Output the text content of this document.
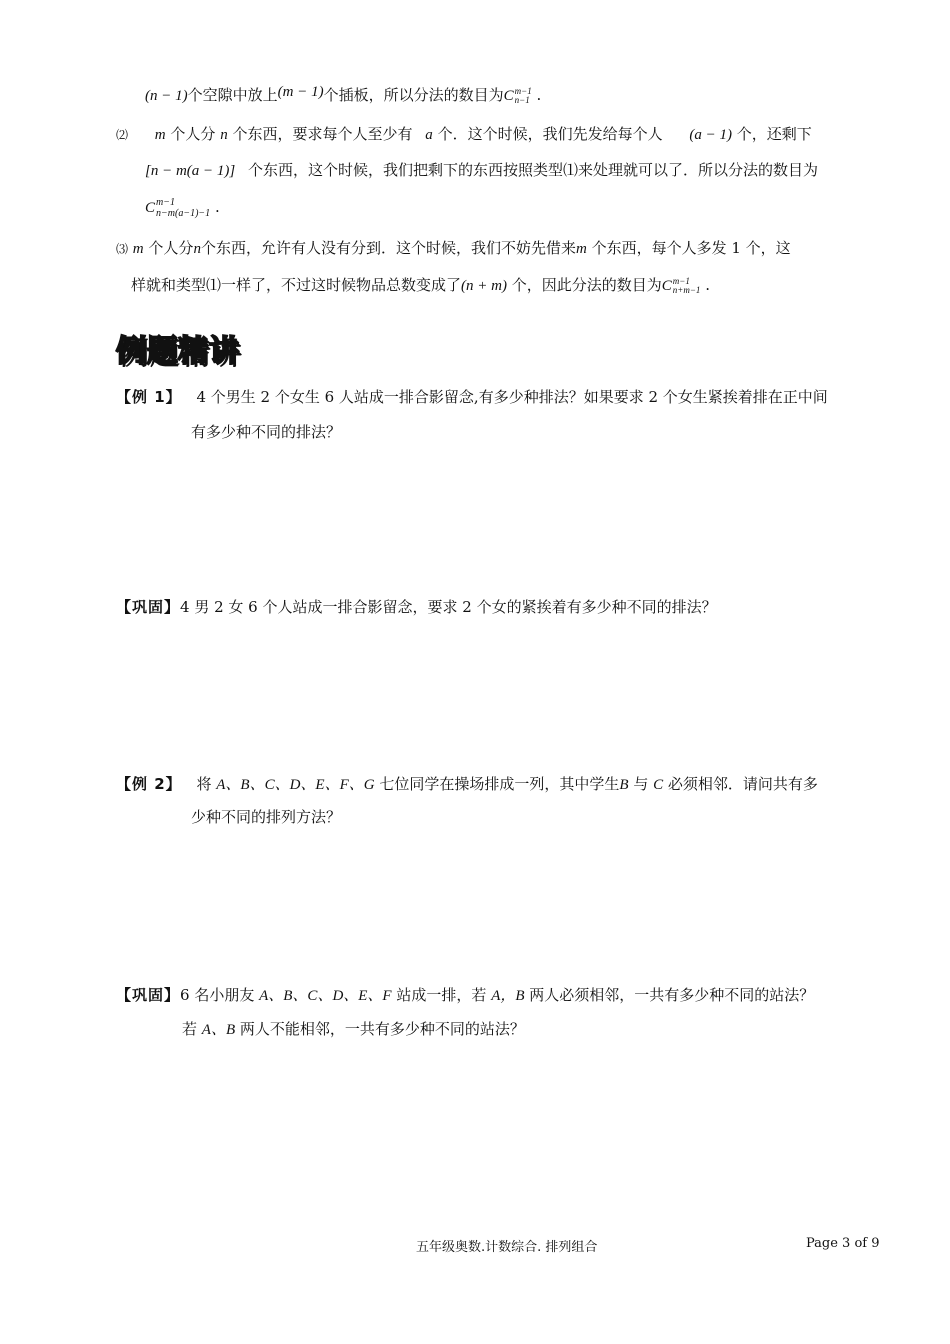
(n − 1)个空隙中放上(m − 1)个插板，所以分法的数目为Cm−1
n−1 .
⑵ m 个人分 n 个东西，要求每个人至少有 a 个．这个时候，我们先发给每个人 (a − 1) 个，还剩下
[n − m(a − 1)] 个东西，这个时候，我们把剩下的东西按照类型⑴来处理就可以了．所以分法的数目为
Cm−1
n−m(a−1)−1 .
⑶ m 个人分n个东西，允许有人没有分到．这个时候，我们不妨先借来m 个东西，每个人多发 1 个，这
样就和类型⑴一样了，不过这时候物品总数变成了(n + m) 个，因此分法的数目为Cm−1
n+m−1 .
例题精讲
【例 1】 4 个男生 2 个女生 6 人站成一排合影留念,有多少种排法？如果要求 2 个女生紧挨着排在正中间
有多少种不同的排法？
【巩固】4 男 2 女 6 个人站成一排合影留念，要求 2 个女的紧挨着有多少种不同的排法？
【例 2】 将 A、B、C、D、E、F、G 七位同学在操场排成一列，其中学生B 与 C 必须相邻．请问共有多
少种不同的排列方法？
【巩固】6 名小朋友 A、B、C、D、E、F 站成一排，若 A，B 两人必须相邻，一共有多少种不同的站法？
若 A、B 两人不能相邻，一共有多少种不同的站法？
五年级奥数.计数综合. 排列组合	Page 3 of 9
